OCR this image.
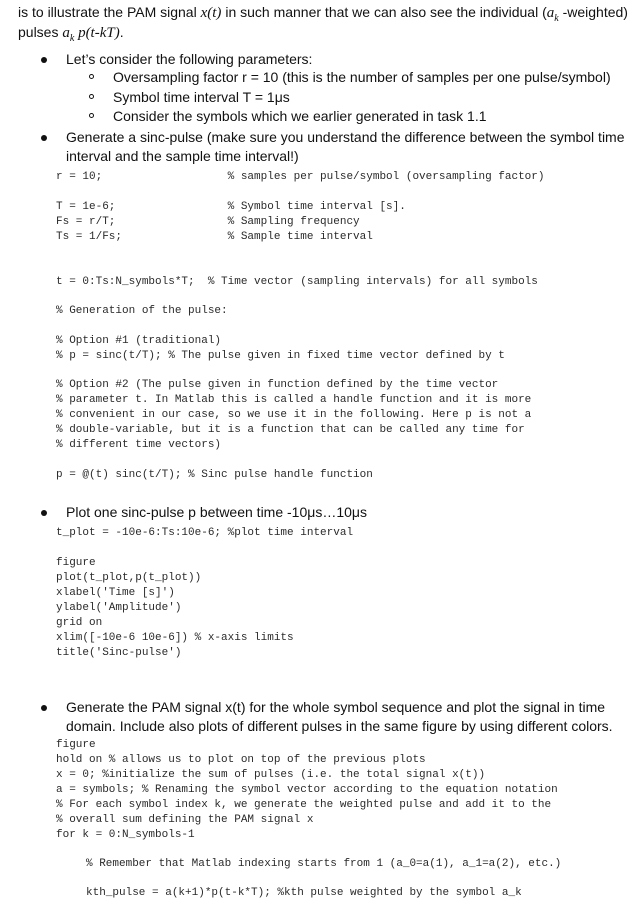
is to illustrate the PAM signal x(t) in such manner that we can also see the individual ($a_k$ -weighted)
pulses $a_k$ p(t-kT).
Let’s consider the following parameters:
Oversampling factor r = 10 (this is the number of samples per one pulse/symbol)
Symbol time interval T = 1μs
Consider the symbols which we earlier generated in task 1.1
Generate a sinc-pulse (make sure you understand the difference between the symbol time
interval and the sample time interval!)
r = 10;                   % samples per pulse/symbol (oversampling factor)
T = 1e-6;                 % Symbol time interval [s].
Fs = r/T;                 % Sampling frequency
Ts = 1/Fs;                % Sample time interval
t = 0:Ts:N_symbols*T;  % Time vector (sampling intervals) for all symbols
% Generation of the pulse:
% Option #1 (traditional)
% p = sinc(t/T); % The pulse given in fixed time vector defined by t
% Option #2 (The pulse given in function defined by the time vector
% parameter t. In Matlab this is called a handle function and it is more
% convenient in our case, so we use it in the following. Here p is not a
% double-variable, but it is a function that can be called any time for
% different time vectors)
p = @(t) sinc(t/T); % Sinc pulse handle function
Plot one sinc-pulse p between time -10μs…10μs
t_plot = -10e-6:Ts:10e-6; %plot time interval
figure
plot(t_plot,p(t_plot))
xlabel('Time [s]')
ylabel('Amplitude')
grid on
xlim([-10e-6 10e-6]) % x-axis limits
title('Sinc-pulse')
Generate the PAM signal x(t) for the whole symbol sequence and plot the signal in time
domain. Include also plots of different pulses in the same figure by using different colors.
figure
hold on % allows us to plot on top of the previous plots
x = 0; %initialize the sum of pulses (i.e. the total signal x(t))
a = symbols; % Renaming the symbol vector according to the equation notation
% For each symbol index k, we generate the weighted pulse and add it to the
% overall sum defining the PAM signal x
for k = 0:N_symbols-1
% Remember that Matlab indexing starts from 1 (a_0=a(1), a_1=a(2), etc.)
kth_pulse = a(k+1)*p(t-k*T); %kth pulse weighted by the symbol a_k
